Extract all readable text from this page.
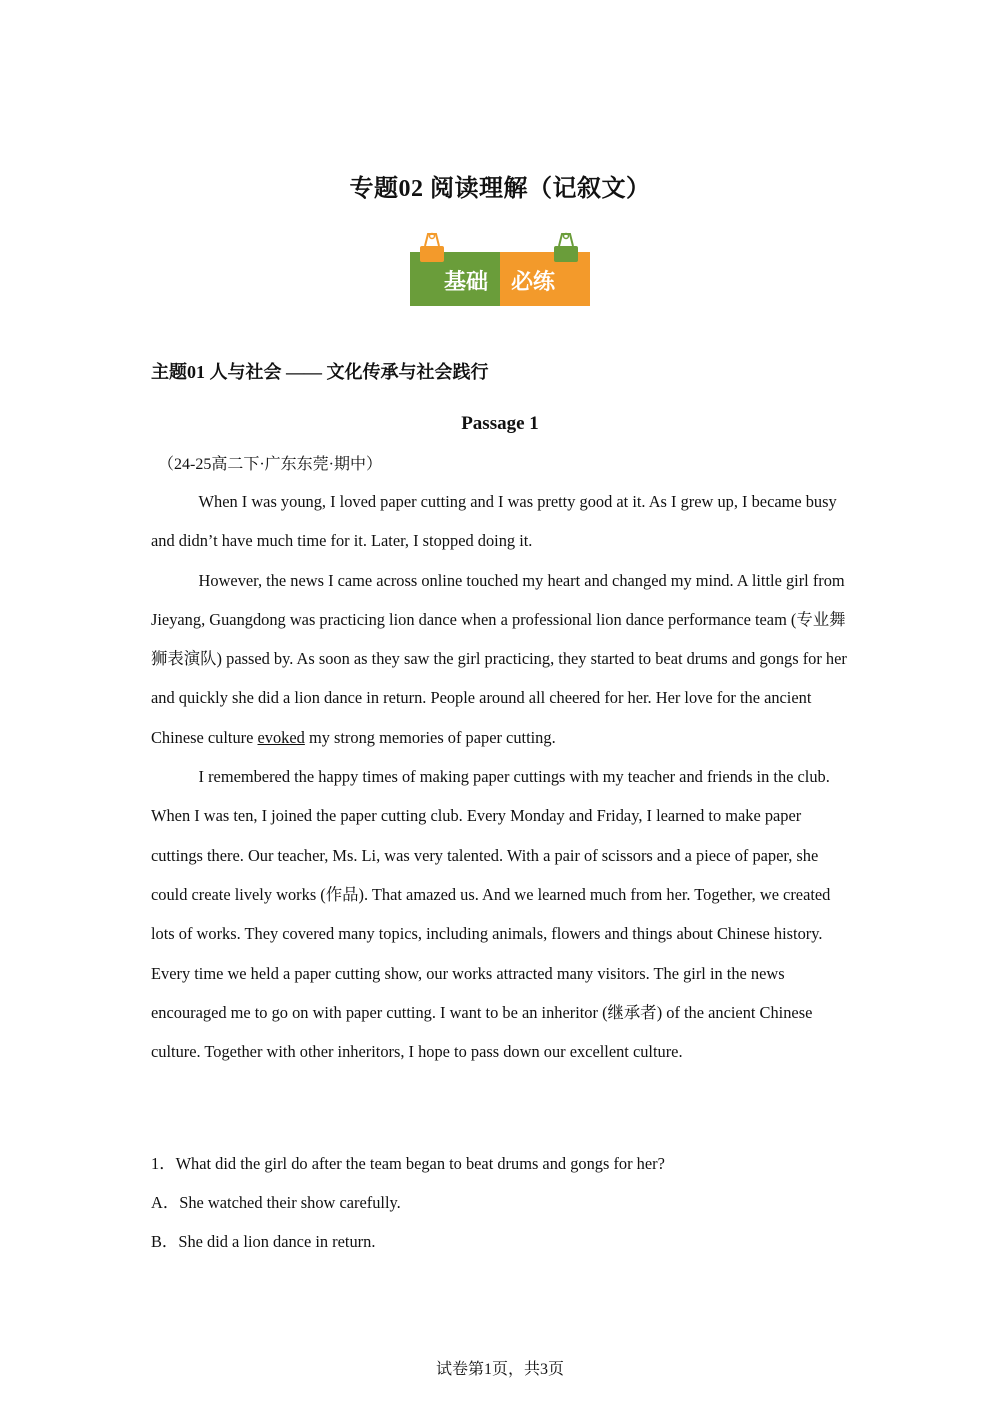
专题02 阅读理解（记叙文）
基础 必练
主题01 人与社会 —— 文化传承与社会践行
Passage 1
（24-25高二下·广东东莞·期中）

When I was young, I loved paper cutting and I was pretty good at it. As I grew up, I became busy and didn’t have much time for it. Later, I stopped doing it.

However, the news I came across online touched my heart and changed my mind. A little girl from Jieyang, Guangdong was practicing lion dance when a professional lion dance performance team (专业舞狮表演队) passed by. As soon as they saw the girl practicing, they started to beat drums and gongs for her and quickly she did a lion dance in return. People around all cheered for her. Her love for the ancient Chinese culture evoked my strong memories of paper cutting.

I remembered the happy times of making paper cuttings with my teacher and friends in the club. When I was ten, I joined the paper cutting club. Every Monday and Friday, I learned to make paper cuttings there. Our teacher, Ms. Li, was very talented. With a pair of scissors and a piece of paper, she could create lively works (作品). That amazed us. And we learned much from her. Together, we created lots of works. They covered many topics, including animals, flowers and things about Chinese history. Every time we held a paper cutting show, our works attracted many visitors. The girl in the news encouraged me to go on with paper cutting. I want to be an inheritor (继承者) of the ancient Chinese culture. Together with other inheritors, I hope to pass down our excellent culture.

1．What did the girl do after the team began to beat drums and gongs for her?
A．She watched their show carefully.
B．She did a lion dance in return.
试卷第1页，共3页
